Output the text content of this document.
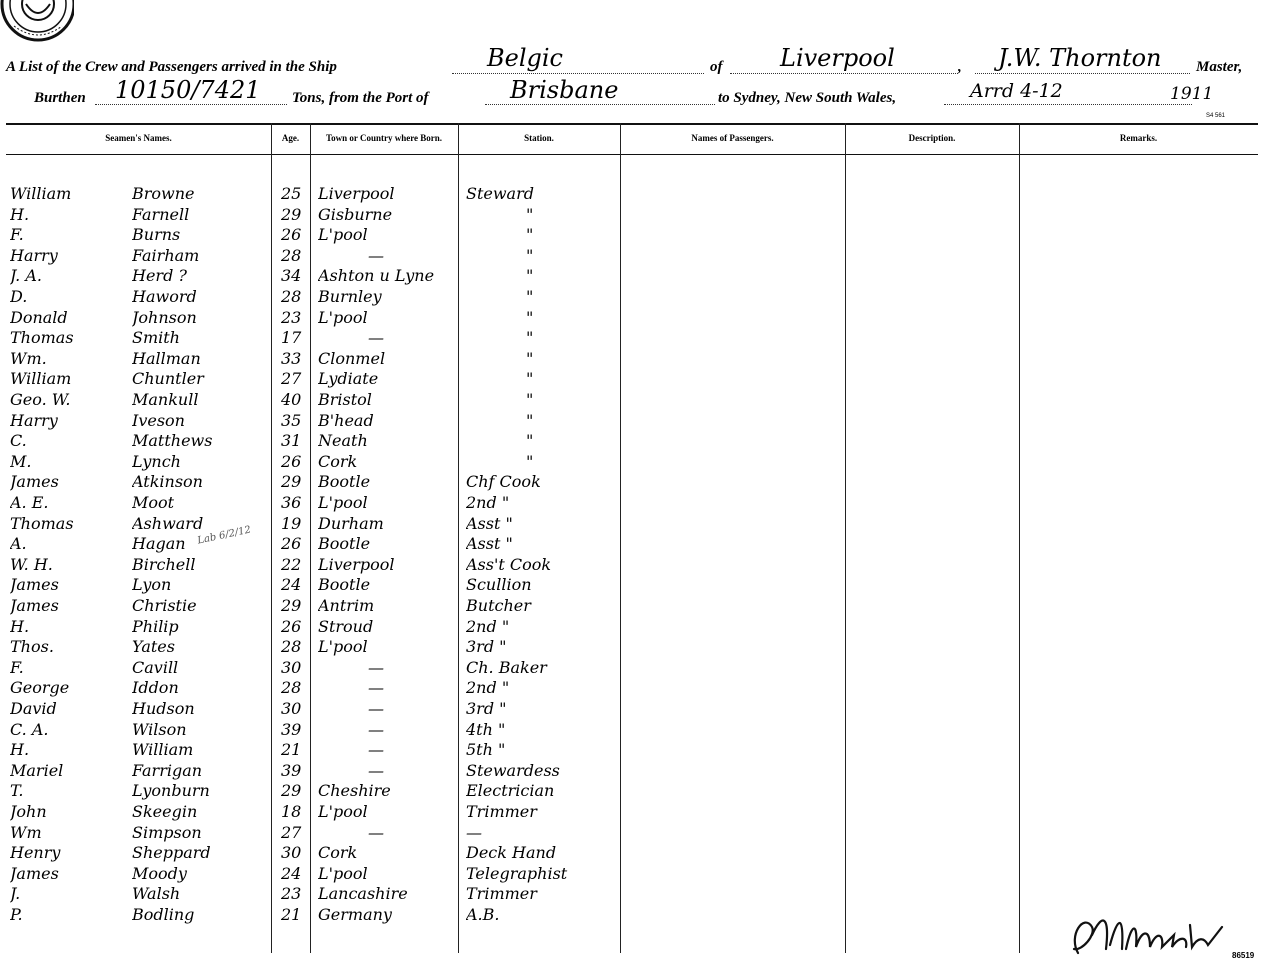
A List of the Crew and Passengers arrived in the Ship	Belgic	of Liverpool	, J.W. Thornton Master,
Burthen 10150/7421 Tons, from the Port of	Brisbane	to Sydney, New South Wales,	Arrd 4-12	1911
S4 561
Seamen's Names.	Age.	Town or Country where Born.	Station.	Names of Passengers.	Description.	Remarks.
William	Browne	25	Liverpool	Steward
H.	Farnell	29	Gisburne	"
F.	Burns	26	L'pool	"
Harry	Fairham	28	—	"
J. A.	Herd ?	34	Ashton u Lyne	"
D.	Haword	28	Burnley	"
Donald	Johnson	23	L'pool	"
Thomas	Smith	17	—	"
Wm.	Hallman	33	Clonmel	"
William	Chuntler	27	Lydiate	"
Geo. W.	Mankull	40	Bristol	"
Harry	Iveson	35	B'head	"
C.	Matthews	31	Neath	"
M.	Lynch	26	Cork	"
James	Atkinson	29	Bootle	Chf Cook
A. E.	Moot	36	L'pool	2nd "
Thomas	Ashward	19	Durham	Asst "
A.	Hagan	26	Bootle	Asst "
W. H.	Birchell	22	Liverpool	Ass't Cook
James	Lyon	24	Bootle	Scullion
James	Christie	29	Antrim	Butcher
H.	Philip	26	Stroud	2nd "
Thos.	Yates	28	L'pool	3rd "
F.	Cavill	30	—	Ch. Baker
George	Iddon	28	—	2nd "
David	Hudson	30	—	3rd "
C. A.	Wilson	39	—	4th "
H.	William	21	—	5th "
Mariel	Farrigan	39	—	Stewardess
T.	Lyonburn	29	Cheshire	Electrician
John	Skeegin	18	L'pool	Trimmer
Wm	Simpson	27	—	—
Henry	Sheppard	30	Cork	Deck Hand
James	Moody	24	L'pool	Telegraphist
J.	Walsh	23	Lancashire	Trimmer
P.	Bodling	21	Germany	A.B.
Lab 6/2/12
86519
